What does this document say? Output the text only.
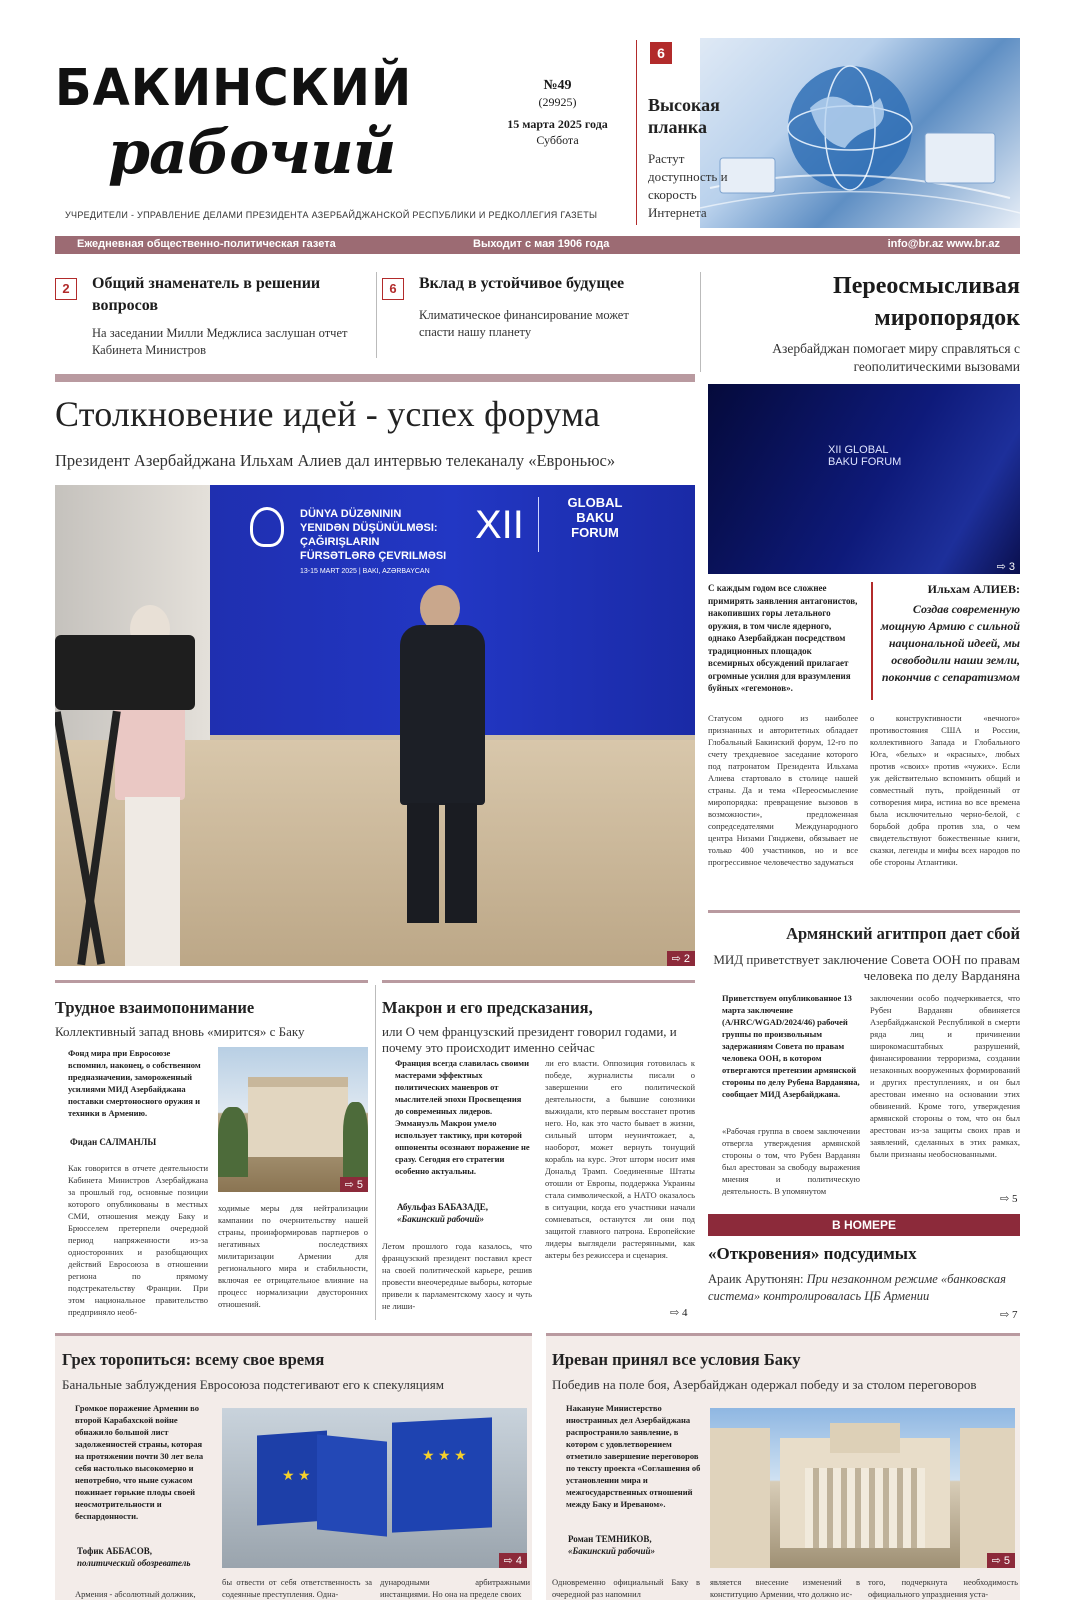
БАКИНСКИЙ
рабочий
УЧРЕДИТЕЛИ - УПРАВЛЕНИЕ ДЕЛАМИ ПРЕЗИДЕНТА АЗЕРБАЙДЖАНСКОЙ РЕСПУБЛИКИ И РЕДКОЛЛЕГИЯ ГАЗЕТЫ
№49
(29925)
15 марта 2025 года
Суббота
6
Высокая планка
Растут доступность и скорость Интернета
Ежедневная общественно-политическая газета	Выходит с мая 1906 года	info@br.az www.br.az
2	Общий знаменатель в решении вопросов
На заседании Милли Меджлиса заслушан отчет Кабинета Министров
6	Вклад в устойчивое будущее
Климатическое финансирование может спасти нашу планету
Переосмысливая миропорядок
Азербайджан помогает миру справляться с геополитическими вызовами
XII GLOBAL BAKU FORUM
⇨ 3
С каждым годом все сложнее примирять заявления антагонистов, накопивших горы летального оружия, в том числе ядерного, однако Азербайджан посредством традиционных площадок всемирных обсуждений прилагает огромные усилия для вразумления буйных «гегемонов».
Ильхам АЛИЕВ:
Создав современную мощную Армию с сильной национальной идеей, мы освободили наши земли, покончив с сепаратизмом
Статусом одного из наиболее признанных и авторитетных обладает Глобальный Бакинский форум, 12-го по счету трехдневное заседание которого под патронатом Президента Ильхама Алиева стартовало в столице нашей страны. Да и тема «Переосмысление миропорядка: превращение вызовов в возможности», предложенная сопредседателями Международного центра Низами Гянджеви, обязывает не только 400 участников, но и все прогрессивное человечество задуматься
о конструктивности «вечного» противостояния США и России, коллективного Запада и Глобального Юга, «белых» и «красных», любых против «своих» против «чужих». Если уж действительно вспомнить общий и совместный путь, пройденный от сотворения мира, истина во все времена была исключительно черно-белой, с борьбой добра против зла, о чем свидетельствуют божественные книги, сказки, легенды и мифы всех народов по обе стороны Атлантики.
Столкновение идей - успех форума
Президент Азербайджана Ильхам Алиев дал интервью телеканалу «Евроньюс»
DÜNYA DÜZƏNININ
YENIDƏN DÜŞÜNÜLMƏSI:
ÇAĞIRIŞLARIN
FÜRSƏTLƏRƏ ÇEVRILMƏSI
13-15 MART 2025 | BAKI, AZƏRBAYCAN
XII
GLOBAL BAKU FORUM
⇨ 2
Трудное взаимопонимание
Коллективный запад вновь «мирится» с Баку
Фонд мира при Евросоюзе вспомнил, наконец, о собственном предназначении, замороженный усилиями МИД Азербайджана поставки смертоносного оружия и техники в Армению.
Фидан САЛМАНЛЫ
⇨ 5
Как говорится в отчете деятельности Кабинета Министров Азербайджана за прошлый год, основные позиции которого опубликованы в местных СМИ, отношения между Баку и Брюсселем претерпели очередной период напряженности из-за односторонних и разобщающих действий Евросоюза в отношении региона по прямому подстрекательству Франции. При этом национальное правительство предприняло необ-
ходимые меры для нейтрализации кампании по очернительству нашей страны, проинформировав партнеров о негативных последствиях милитаризации Армении для регионального мира и стабильности, включая ее отрицательное влияние на процесс нормализации двусторонних отношений.
Макрон и его предсказания,
или О чем французский президент говорил годами, и почему это происходит именно сейчас
Франция всегда славилась своими мастерами эффектных политических маневров от мыслителей эпохи Просвещения до современных лидеров. Эммануэль Макрон умело использует тактику, при которой оппоненты осознают поражение не сразу. Сегодня его стратегии особенно актуальны.
Абульфаз БАБАЗАДЕ,
«Бакинский рабочий»
Летом прошлого года казалось, что французский президент поставил крест на своей политической карьере, решив провести внеочередные выборы, которые привели к парламентскому хаосу и чуть не лиши-
ли его власти. Оппозиция готовилась к победе, журналисты писали о завершении его политической деятельности, а бывшие союзники выжидали, кто первым восстанет против него. Но, как это часто бывает в жизни, сильный шторм неуничтожает, а, наоборот, может вернуть тонущий корабль на курс. Этот шторм носит имя Дональд Трамп. Соединенные Штаты отошли от Европы, поддержка Украины стала символической, а НАТО оказалось в ситуации, когда его участники начали сомневаться, останутся ли они под защитой главного патрона. Европейские лидеры выглядели растерянными, как актеры без режиссера и сценария.
⇨ 4
Армянский агитпроп дает сбой
МИД приветствует заключение Совета ООН по правам человека по делу Варданяна
Приветствуем опубликованное 13 марта заключение (A/HRC/WGAD/2024/46) рабочей группы по произвольным задержаниям Совета по правам человека ООН, в котором отвергаются претензии армянской стороны по делу Рубена Варданяна, сообщает МИД Азербайджана.
«Рабочая группа в своем заключении отвергла утверждения армянской стороны о том, что Рубен Варданян был арестован за свободу выражения мнения и политическую деятельность. В упомянутом
заключении особо подчеркивается, что Рубен Варданян обвиняется Азербайджанской Республикой в смерти ряда лиц и причинении широкомасштабных разрушений, финансировании терроризма, создании незаконных вооруженных формирований и других преступлениях, и он был арестован именно на основании этих обвинений. Кроме того, утверждения армянской стороны о том, что он был арестован из-за защиты своих прав и заявлений, сделанных в этих рамках, были признаны необоснованными.
⇨ 5
В НОМЕРЕ
«Откровения» подсудимых
Араик Арутюнян: При незаконном режиме «банковская система» контролировалась ЦБ Армении
⇨ 7
Грех торопиться: всему свое время
Банальные заблуждения Евросоюза подстегивают его к спекуляциям
Громкое поражение Армении во второй Карабахской войне обнажило большой лист задолженностей страны, которая на протяжении почти 30 лет вела себя настолько высокомерно и непотребно, что ныне сужасом пожинает горькие плоды своей неосмотрительности и беспардонности.
Тофик АББАСОВ,
политический обозреватель
Армения - абсолютный должник,
★ ★
★ ★ ★
⇨ 4
бы отвести от себя ответственность за содеянные преступления. Одна-
дународными арбитражными инстанциями. Но она на пределе своих
Иреван принял все условия Баку
Победив на поле боя, Азербайджан одержал победу и за столом переговоров
Накануне Министерство иностранных дел Азербайджана распространило заявление, в котором с удовлетворением отметило завершение переговоров по тексту проекта «Соглашения об установлении мира и межгосударственных отношений между Баку и Иреваном».
Роман ТЕМНИКОВ,
«Бакинский рабочий»
Одновременно официальный Баку в очередной раз напомнил
⇨ 5
является внесение изменений в конституцию Армении, что должно ис-
того, подчеркнута необходимость официального упразднения уста-
